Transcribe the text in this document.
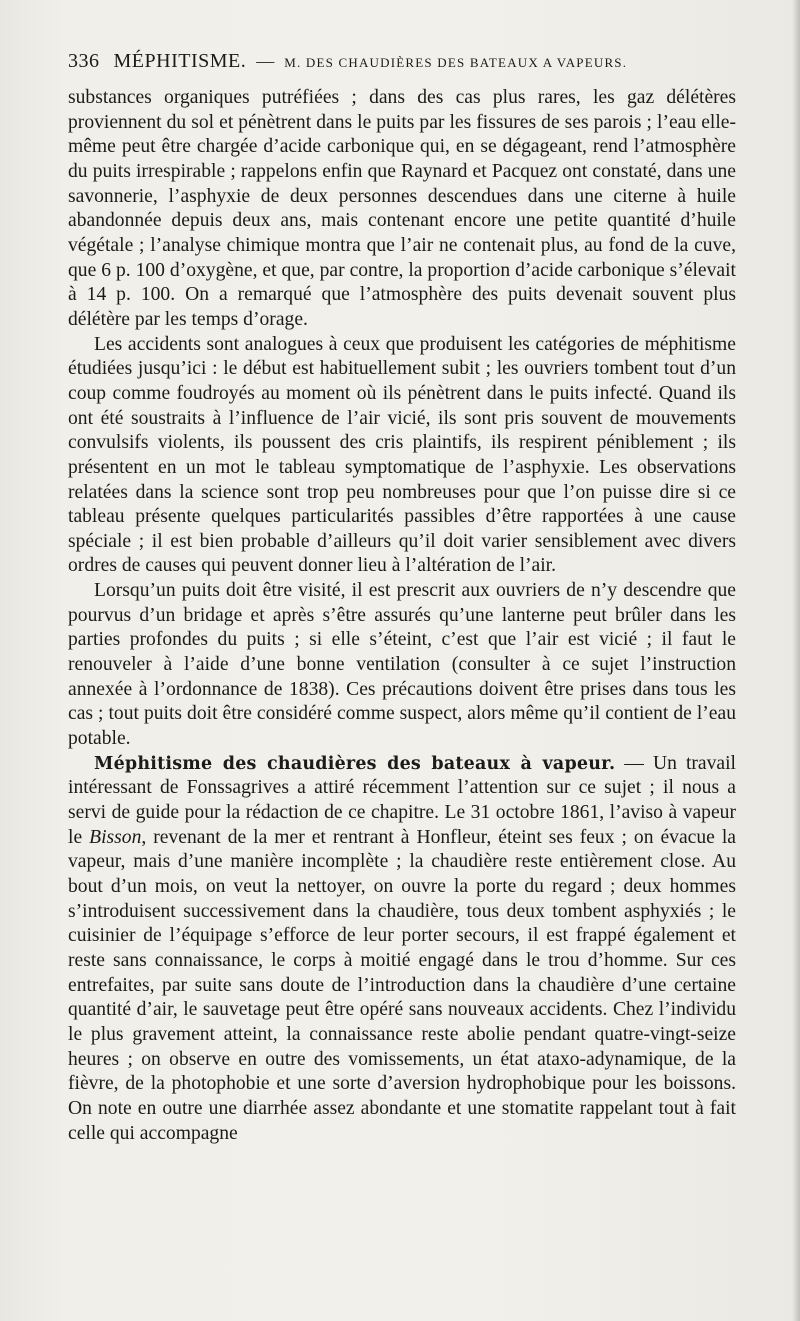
336 MÉPHITISME. — M. DES CHAUDIÈRES DES BATEAUX A VAPEURS.

substances organiques putréfiées ; dans des cas plus rares, les gaz délétères proviennent du sol et pénètrent dans le puits par les fissures de ses parois ; l’eau elle-même peut être chargée d’acide carbonique qui, en se dégageant, rend l’atmosphère du puits irrespirable ; rappelons enfin que Raynard et Pacquez ont constaté, dans une savonnerie, l’asphyxie de deux personnes descendues dans une citerne à huile abandonnée depuis deux ans, mais contenant encore une petite quantité d’huile végétale ; l’analyse chimique montra que l’air ne contenait plus, au fond de la cuve, que 6 p. 100 d’oxygène, et que, par contre, la proportion d’acide carbonique s’élevait à 14 p. 100. On a remarqué que l’atmosphère des puits devenait souvent plus délétère par les temps d’orage.

Les accidents sont analogues à ceux que produisent les catégories de méphitisme étudiées jusqu’ici : le début est habituellement subit ; les ouvriers tombent tout d’un coup comme foudroyés au moment où ils pénètrent dans le puits infecté. Quand ils ont été soustraits à l’influence de l’air vicié, ils sont pris souvent de mouvements convulsifs violents, ils poussent des cris plaintifs, ils respirent péniblement ; ils présentent en un mot le tableau symptomatique de l’asphyxie. Les observations relatées dans la science sont trop peu nombreuses pour que l’on puisse dire si ce tableau présente quelques particularités passibles d’être rapportées à une cause spéciale ; il est bien probable d’ailleurs qu’il doit varier sensiblement avec divers ordres de causes qui peuvent donner lieu à l’altération de l’air.

Lorsqu’un puits doit être visité, il est prescrit aux ouvriers de n’y descendre que pourvus d’un bridage et après s’être assurés qu’une lanterne peut brûler dans les parties profondes du puits ; si elle s’éteint, c’est que l’air est vicié ; il faut le renouveler à l’aide d’une bonne ventilation (consulter à ce sujet l’instruction annexée à l’ordonnance de 1838). Ces précautions doivent être prises dans tous les cas ; tout puits doit être considéré comme suspect, alors même qu’il contient de l’eau potable.

Méphitisme des chaudières des bateaux à vapeur. — Un travail intéressant de Fonssagrives a attiré récemment l’attention sur ce sujet ; il nous a servi de guide pour la rédaction de ce chapitre. Le 31 octobre 1861, l’aviso à vapeur le Bisson, revenant de la mer et rentrant à Honfleur, éteint ses feux ; on évacue la vapeur, mais d’une manière incomplète ; la chaudière reste entièrement close. Au bout d’un mois, on veut la nettoyer, on ouvre la porte du regard ; deux hommes s’introduisent successivement dans la chaudière, tous deux tombent asphyxiés ; le cuisinier de l’équipage s’efforce de leur porter secours, il est frappé également et reste sans connaissance, le corps à moitié engagé dans le trou d’homme. Sur ces entrefaites, par suite sans doute de l’introduction dans la chaudière d’une certaine quantité d’air, le sauvetage peut être opéré sans nouveaux accidents. Chez l’individu le plus gravement atteint, la connaissance reste abolie pendant quatre-vingt-seize heures ; on observe en outre des vomissements, un état ataxo-adynamique, de la fièvre, de la photophobie et une sorte d’aversion hydrophobique pour les boissons. On note en outre une diarrhée assez abondante et une stomatite rappelant tout à fait celle qui accompagne
